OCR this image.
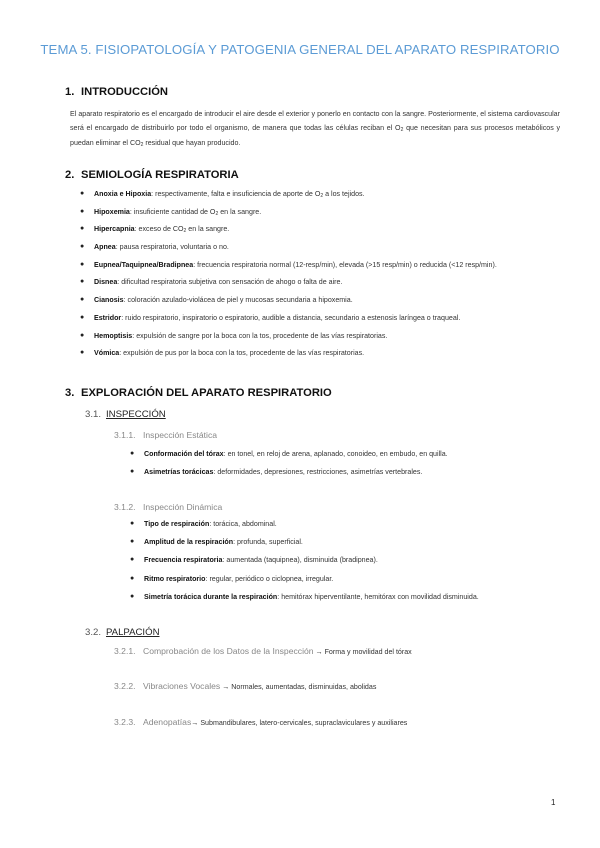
TEMA 5. FISIOPATOLOGÍA Y PATOGENIA GENERAL DEL APARATO RESPIRATORIO
1. INTRODUCCIÓN
El aparato respiratorio es el encargado de introducir el aire desde el exterior y ponerlo en contacto con la sangre. Posteriormente, el sistema cardiovascular será el encargado de distribuirlo por todo el organismo, de manera que todas las células reciban el $O_2$ que necesitan para sus procesos metabólicos y puedan eliminar el $CO_2$ residual que hayan producido.
2. SEMIOLOGÍA RESPIRATORIA
● Anoxia e Hipoxia: respectivamente, falta e insuficiencia de aporte de $O_2$ a los tejidos.
● Hipoxemia: insuficiente cantidad de $O_2$ en la sangre.
● Hipercapnia: exceso de $CO_2$ en la sangre.
● Apnea: pausa respiratoria, voluntaria o no.
● Eupnea/Taquipnea/Bradipnea: frecuencia respiratoria normal (12-resp/min), elevada (>15 resp/min) o reducida (<12 resp/min).
● Disnea: dificultad respiratoria subjetiva con sensación de ahogo o falta de aire.
● Cianosis: coloración azulado-violácea de piel y mucosas secundaria a hipoxemia.
● Estridor: ruido respiratorio, inspiratorio o espiratorio, audible a distancia, secundario a estenosis laríngea o traqueal.
● Hemoptisis: expulsión de sangre por la boca con la tos, procedente de las vías respiratorias.
● Vómica: expulsión de pus por la boca con la tos, procedente de las vías respiratorias.
3. EXPLORACIÓN DEL APARATO RESPIRATORIO
3.1. INSPECCIÓN
3.1.1. Inspección Estática
● Conformación del tórax: en tonel, en reloj de arena, aplanado, conoideo, en embudo, en quilla.
● Asimetrías torácicas: deformidades, depresiones, restricciones, asimetrías vertebrales.
3.1.2. Inspección Dinámica
● Tipo de respiración: torácica, abdominal.
● Amplitud de la respiración: profunda, superficial.
● Frecuencia respiratoria: aumentada (taquipnea), disminuida (bradipnea).
● Ritmo respiratorio: regular, periódico o ciclopnea, irregular.
● Simetría torácica durante la respiración: hemitórax hiperventilante, hemitórax con movilidad disminuida.
3.2. PALPACIÓN
3.2.1. Comprobación de los Datos de la Inspección → Forma y movilidad del tórax
3.2.2. Vibraciones Vocales → Normales, aumentadas, disminuidas, abolidas
3.2.3. Adenopatías→ Submandibulares, latero-cervicales, supraclaviculares y auxiliares
1
